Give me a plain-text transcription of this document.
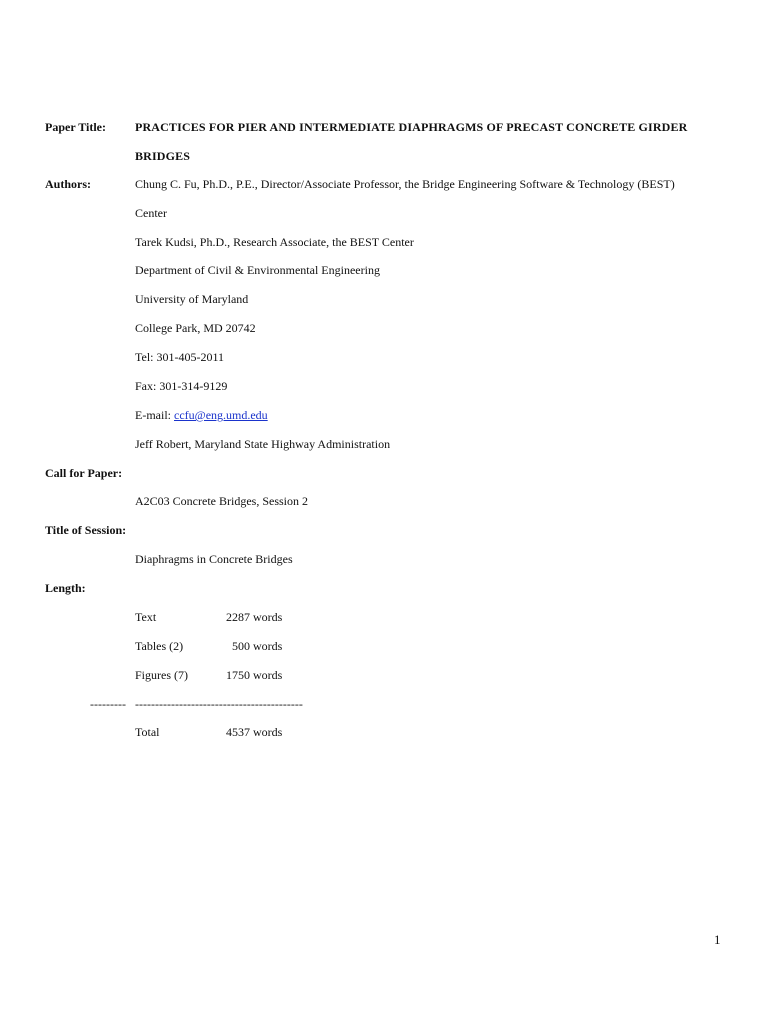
Paper Title: PRACTICES FOR PIER AND INTERMEDIATE DIAPHRAGMS OF PRECAST CONCRETE GIRDER
BRIDGES
Authors:	Chung C. Fu, Ph.D., P.E., Director/Associate Professor, the Bridge Engineering Software & Technology (BEST)
Center
Tarek Kudsi, Ph.D., Research Associate, the BEST Center
Department of Civil & Environmental Engineering
University of Maryland
College Park, MD 20742
Tel: 301-405-2011
Fax: 301-314-9129
E-mail: ccfu@eng.umd.edu
Jeff Robert, Maryland State Highway Administration
Call for Paper:
A2C03 Concrete Bridges, Session 2
Title of Session:
Diaphragms in Concrete Bridges
Length:
Text	2287 words
Tables (2)	500 words
Figures (7)	1750 words
--------- ------------------------------------------
Total	4537 words
1
